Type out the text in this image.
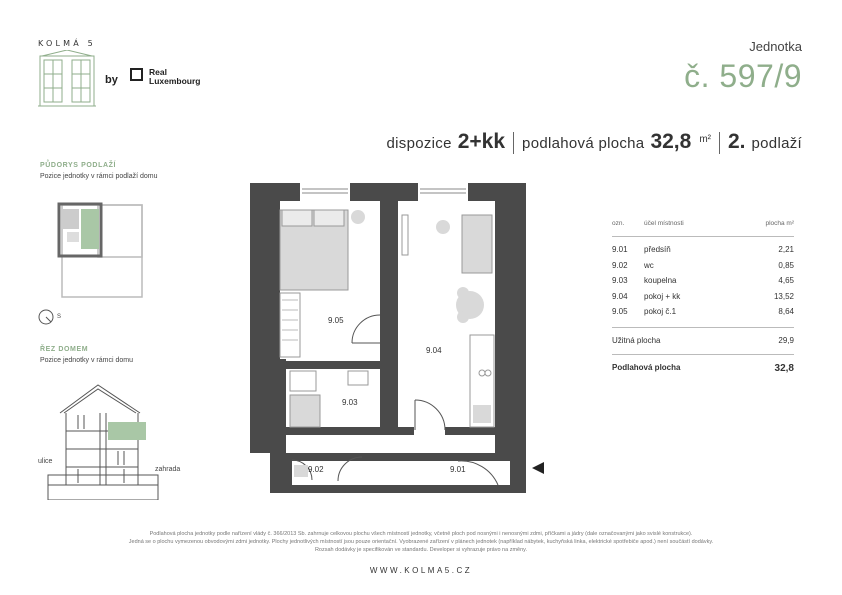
KOLMÁ 5
by
Real
Luxembourg
Jednotka
č. 597/9
dispozice 2+kk podlahová plocha 32,8 m² 2. podlaží
PŮDORYS PODLAŽÍ
Pozice jednotky v rámci podlaží domu
S
ŘEZ DOMEM
Pozice jednotky v rámci domu
ulice
zahrada
9.05
9.04
9.03
9.02	9.01
ozn.	účel místnosti	plocha m²
9.01	předsíň	2,21
9.02	wc	0,85
9.03	koupelna	4,65
9.04	pokoj + kk	13,52
9.05	pokoj č.1	8,64
Užitná plocha	29,9
Podlahová plocha	32,8
Podlahová plocha jednotky podle nařízení vlády č. 366/2013 Sb. zahrnuje celkovou plochu všech místností jednotky, včetně ploch pod nosnými i nenosnými zdmi, příčkami a jádry (dale označovanými jako svislé konstrukce).
Jedná se o plochu vymezenou obvodovými zdmi jednotky. Plochy jednotlivých místností jsou pouze orientační. Vyobrazené zařízení v plánech jednotek (například nábytek, kuchyňská linka, elektrické spotřebiče apod.) není součástí dodávky.
Rozsah dodávky je specifikován ve standardu. Developer si vyhrazuje právo na změny.
WWW.KOLMA5.CZ
